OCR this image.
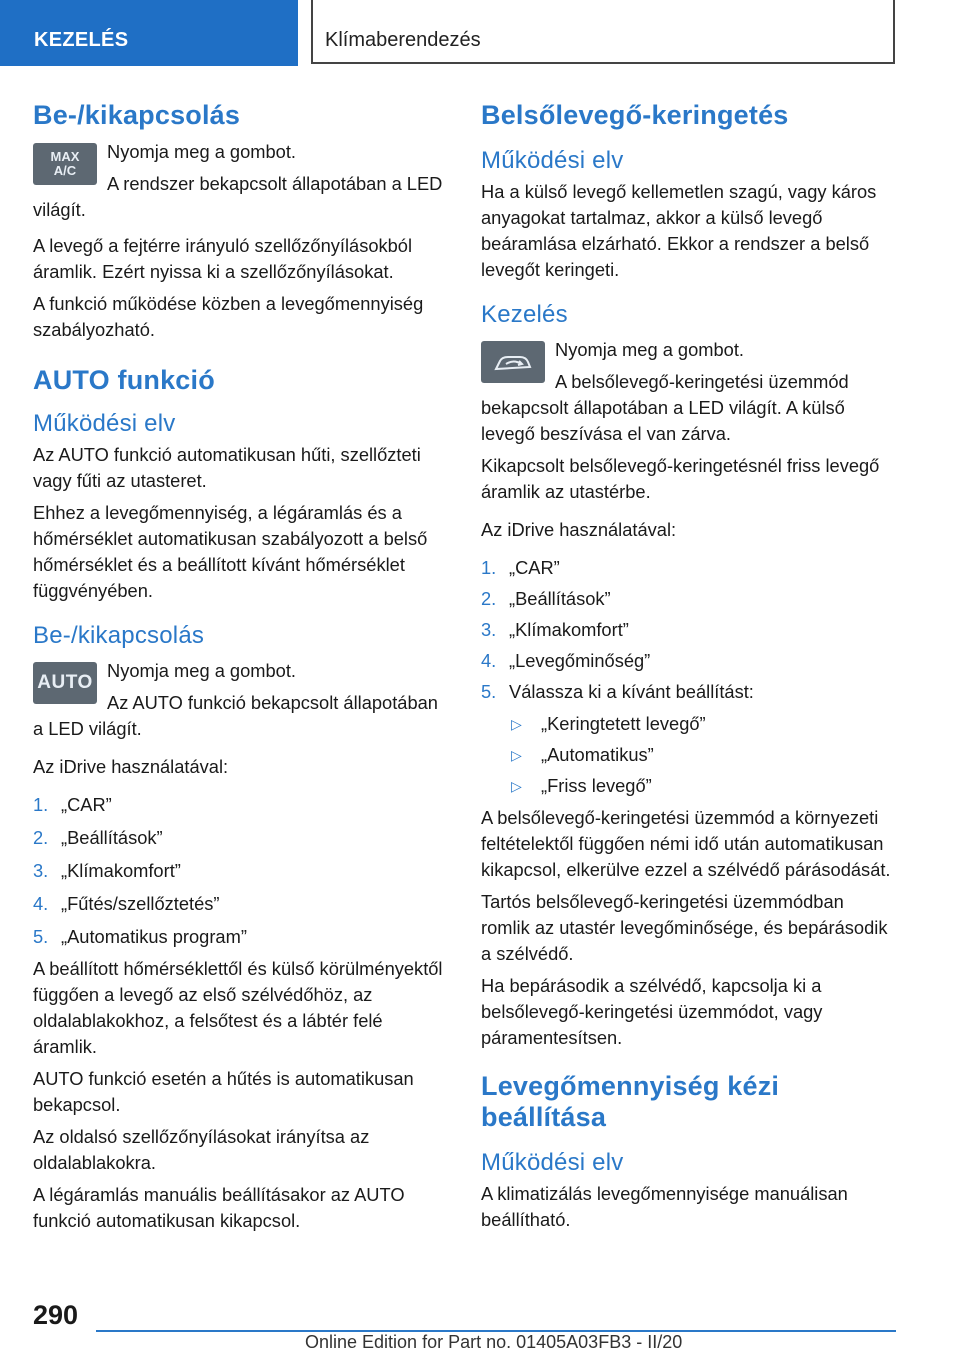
KEZELÉS	Klímaberendezés
Be-/kikapcsolás
MAX
A/C

Nyomja meg a gombot.

A rendszer bekapcsolt állapotában a LED világít.

A levegő a fejtérre irányuló szellőzőnyílásokból áramlik. Ezért nyissa ki a szellőzőnyílásokat.

A funkció működése közben a levegőmennyiség szabályozható.

AUTO funkció
Működési elv

Az AUTO funkció automatikusan hűti, szellőzteti vagy fűti az utasteret.

Ehhez a levegőmennyiség, a légáramlás és a hőmérséklet automatikusan szabályozott a belső hőmérséklet és a beállított kívánt hőmérséklet függvényében.

Be-/kikapcsolás
AUTO

Nyomja meg a gombot.

Az AUTO funkció bekapcsolt állapotában a LED világít.

Az iDrive használatával:

1. „CAR”
2. „Beállítások”
3. „Klímakomfort”
4. „Fűtés/szellőztetés”
5. „Automatikus program”

A beállított hőmérséklettől és külső körülményektől függően a levegő az első szélvédőhöz, az oldalablakokhoz, a felsőtest és a lábtér felé áramlik.

AUTO funkció esetén a hűtés is automatikusan bekapcsol.

Az oldalsó szellőzőnyílásokat irányítsa az oldalablakokra.

A légáramlás manuális beállításakor az AUTO funkció automatikusan kikapcsol.

Belsőlevegő-keringetés
Működési elv

Ha a külső levegő kellemetlen szagú, vagy káros anyagokat tartalmaz, akkor a külső levegő beáramlása elzárható. Ekkor a rendszer a belső levegőt keringeti.

Kezelés

Nyomja meg a gombot.

A belsőlevegő-keringetési üzemmód bekapcsolt állapotában a LED világít. A külső levegő beszívása el van zárva.

Kikapcsolt belsőlevegő-keringetésnél friss levegő áramlik az utastérbe.

Az iDrive használatával:

1. „CAR”
2. „Beállítások”
3. „Klímakomfort”
4. „Levegőminőség”
5. Válassza ki a kívánt beállítást:
▷ „Keringtetett levegő”
▷ „Automatikus”
▷ „Friss levegő”

A belsőlevegő-keringetési üzemmód a környezeti feltételektől függően némi idő után automatikusan kikapcsol, elkerülve ezzel a szélvédő párásodását.

Tartós belsőlevegő-keringetési üzemmódban romlik az utastér levegőminősége, és bepárásodik a szélvédő.

Ha bepárásodik a szélvédő, kapcsolja ki a belsőlevegő-keringetési üzemmódot, vagy páramentesítsen.

Levegőmennyiség kézi beállítása
Működési elv

A klimatizálás levegőmennyisége manuálisan beállítható.

290
Online Edition for Part no. 01405A03FB3 - II/20
